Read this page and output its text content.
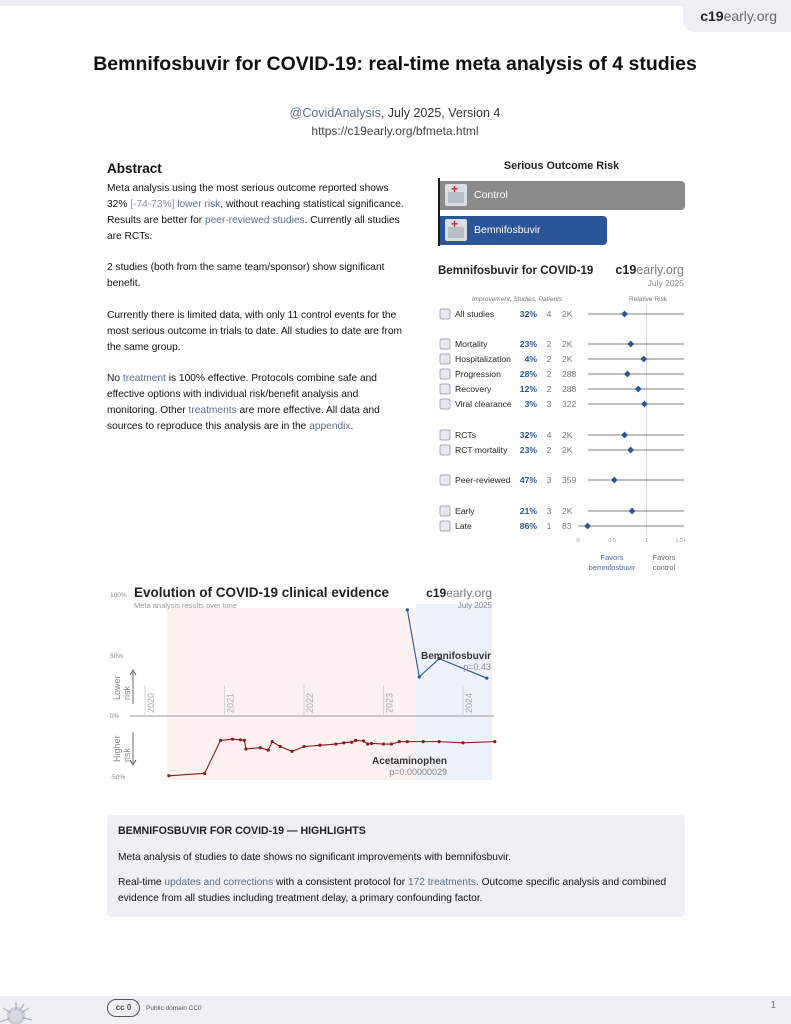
c19early.org
Bemnifosbuvir for COVID-19: real-time meta analysis of 4 studies
@CovidAnalysis, July 2025, Version 4
https://c19early.org/bfmeta.html
Abstract

Meta analysis using the most serious outcome reported shows 32% [-74-73%] lower risk, without reaching statistical significance. Results are better for peer-reviewed studies. Currently all studies are RCTs.

2 studies (both from the same team/sponsor) show significant benefit.

Currently there is limited data, with only 11 control events for the most serious outcome in trials to date. All studies to date are from the same group.

No treatment is 100% effective. Protocols combine safe and effective options with individual risk/benefit analysis and monitoring. Other treatments are more effective. All data and sources to reproduce this analysis are in the appendix.

Serious Outcome Risk
+
Control
+
Bemnifosbuvir
Bemnifosbuvir for COVID-19 c19early.org
July 2025
Improvement, Studies, Patients	Relative Risk
All studies	32% 4 2K
Mortality	23% 2 2K
Hospitalization 4% 2 2K
Progression 28% 2 288
Recovery	12% 2 288
Viral clearance 3% 3 322
RCTs	32% 4 2K
RCT mortality 23% 2 2K
Peer-reviewed 47% 3 359
Early	21% 3 2K
Late	86% 1 83
0	0.5	1	1.5+
Favors
bemnifosbuvir
Favors
control
100%
50%
0%
-50%
Evolution of COVID-19 clinical evidence
Meta analysis results over time
c19early.org
July 2025
Lower risk
Higher risk
2020	2021	2022	2023	2024
Bemnifosbuvir
p=0.43
Acetaminophen
p=0.00000029
BEMNIFOSBUVIR FOR COVID-19 — HIGHLIGHTS

Meta analysis of studies to date shows no significant improvements with bemnifosbuvir.

Real-time updates and corrections with a consistent protocol for 172 treatments. Outcome specific analysis and combined evidence from all studies including treatment delay, a primary confounding factor.

cc 0	Public domain CC0	1
